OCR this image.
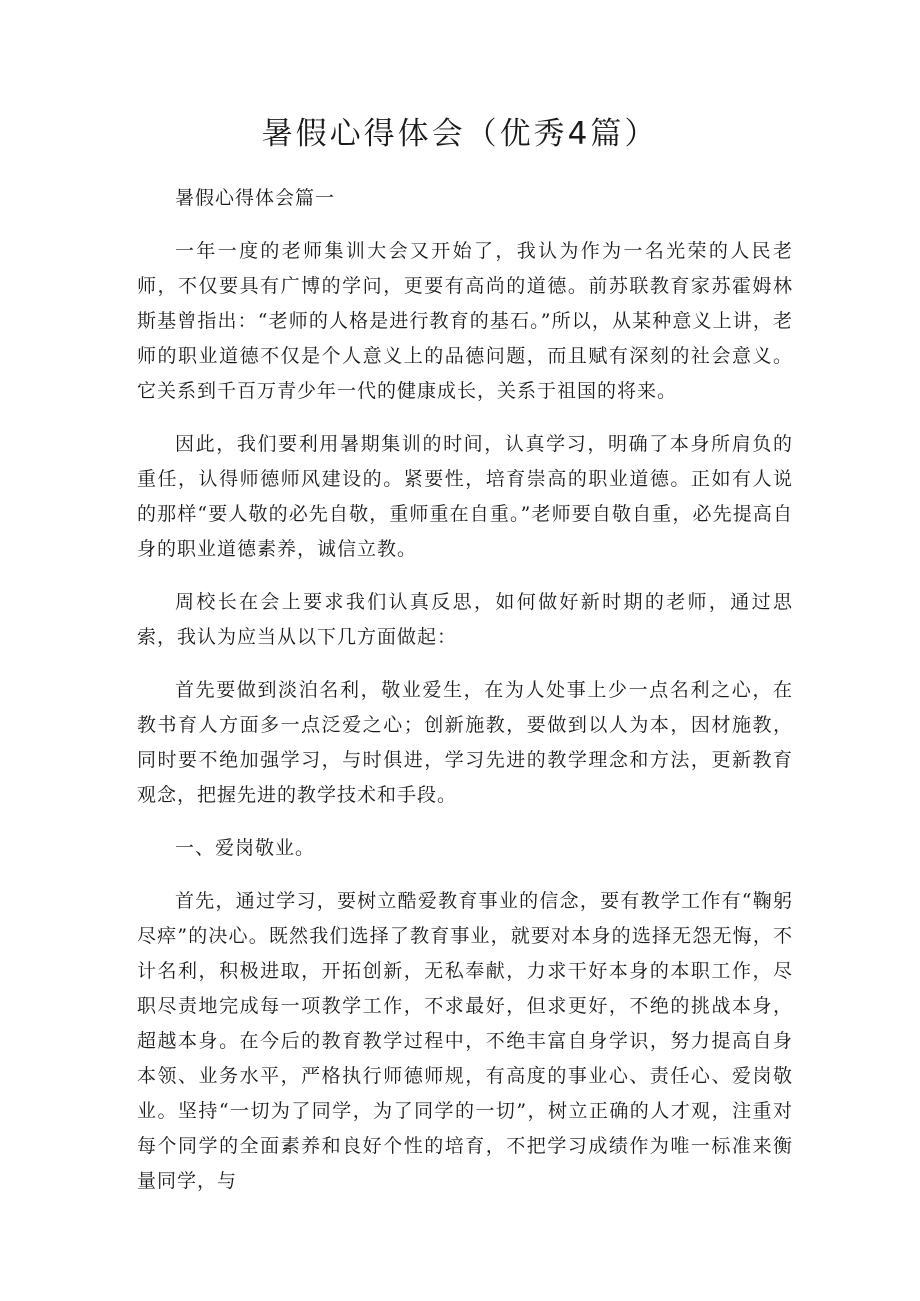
暑假心得体会（优秀4篇）

暑假心得体会篇一

一年一度的老师集训大会又开始了，我认为作为一名光荣的人民老师，不仅要具有广博的学问，更要有高尚的道德。前苏联教育家苏霍姆林斯基曾指出：“老师的人格是进行教育的基石。”所以，从某种意义上讲，老师的职业道德不仅是个人意义上的品德问题，而且赋有深刻的社会意义。它关系到千百万青少年一代的健康成长，关系于祖国的将来。

因此，我们要利用暑期集训的时间，认真学习，明确了本身所肩负的重任，认得师德师风建设的。紧要性，培育崇高的职业道德。正如有人说的那样“要人敬的必先自敬，重师重在自重。”老师要自敬自重，必先提高自身的职业道德素养，诚信立教。

周校长在会上要求我们认真反思，如何做好新时期的老师，通过思索，我认为应当从以下几方面做起：

首先要做到淡泊名利，敬业爱生，在为人处事上少一点名利之心，在教书育人方面多一点泛爱之心；创新施教，要做到以人为本，因材施教，同时要不绝加强学习，与时俱进，学习先进的教学理念和方法，更新教育观念，把握先进的教学技术和手段。

一、爱岗敬业。

首先，通过学习，要树立酷爱教育事业的信念，要有教学工作有“鞠躬尽瘁”的决心。既然我们选择了教育事业，就要对本身的选择无怨无悔，不计名利，积极进取，开拓创新，无私奉献，力求干好本身的本职工作，尽职尽责地完成每一项教学工作，不求最好，但求更好，不绝的挑战本身，超越本身。在今后的教育教学过程中，不绝丰富自身学识，努力提高自身本领、业务水平，严格执行师德师规，有高度的事业心、责任心、爱岗敬业。坚持“一切为了同学，为了同学的一切”，树立正确的人才观，注重对每个同学的全面素养和良好个性的培育，不把学习成绩作为唯一标准来衡量同学，与
